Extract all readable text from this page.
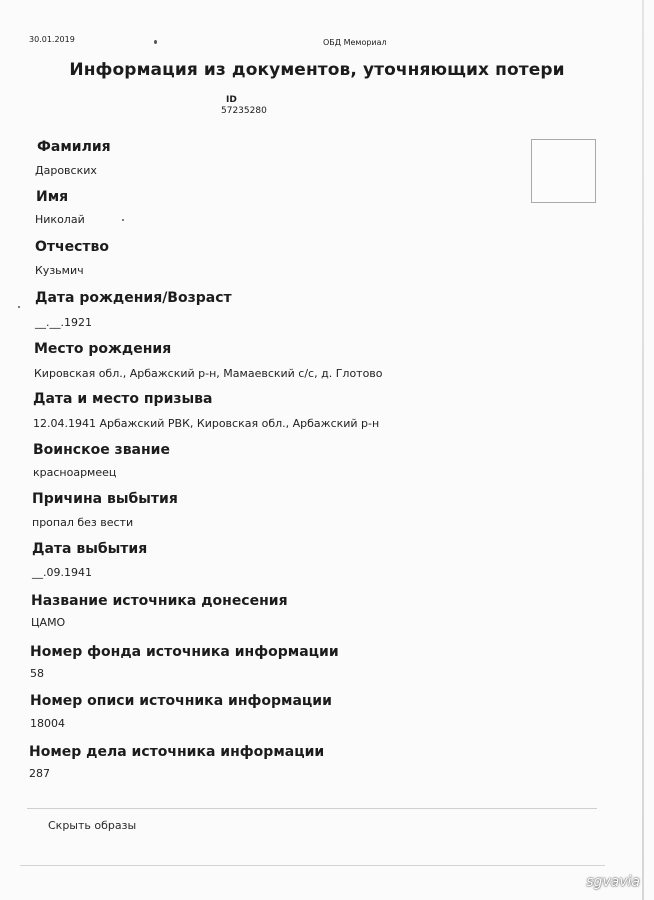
30.01.2019	ОБД Мемориал
Информация из документов, уточняющих потери
ID
57235280
Фамилия
Даровских
Имя
Николай
Отчество
Кузьмич
Дата рождения/Возраст
__.__.1921
Место рождения
Кировская обл., Арбажский р-н, Мамаевский с/с, д. Глотово
Дата и место призыва
12.04.1941 Арбажский РВК, Кировская обл., Арбажский р-н
Воинское звание
красноармеец
Причина выбытия
пропал без вести
Дата выбытия
__.09.1941
Название источника донесения
ЦАМО
Номер фонда источника информации
58
Номер описи источника информации
18004
Номер дела источника информации
287
Скрыть образы
sgvavia
